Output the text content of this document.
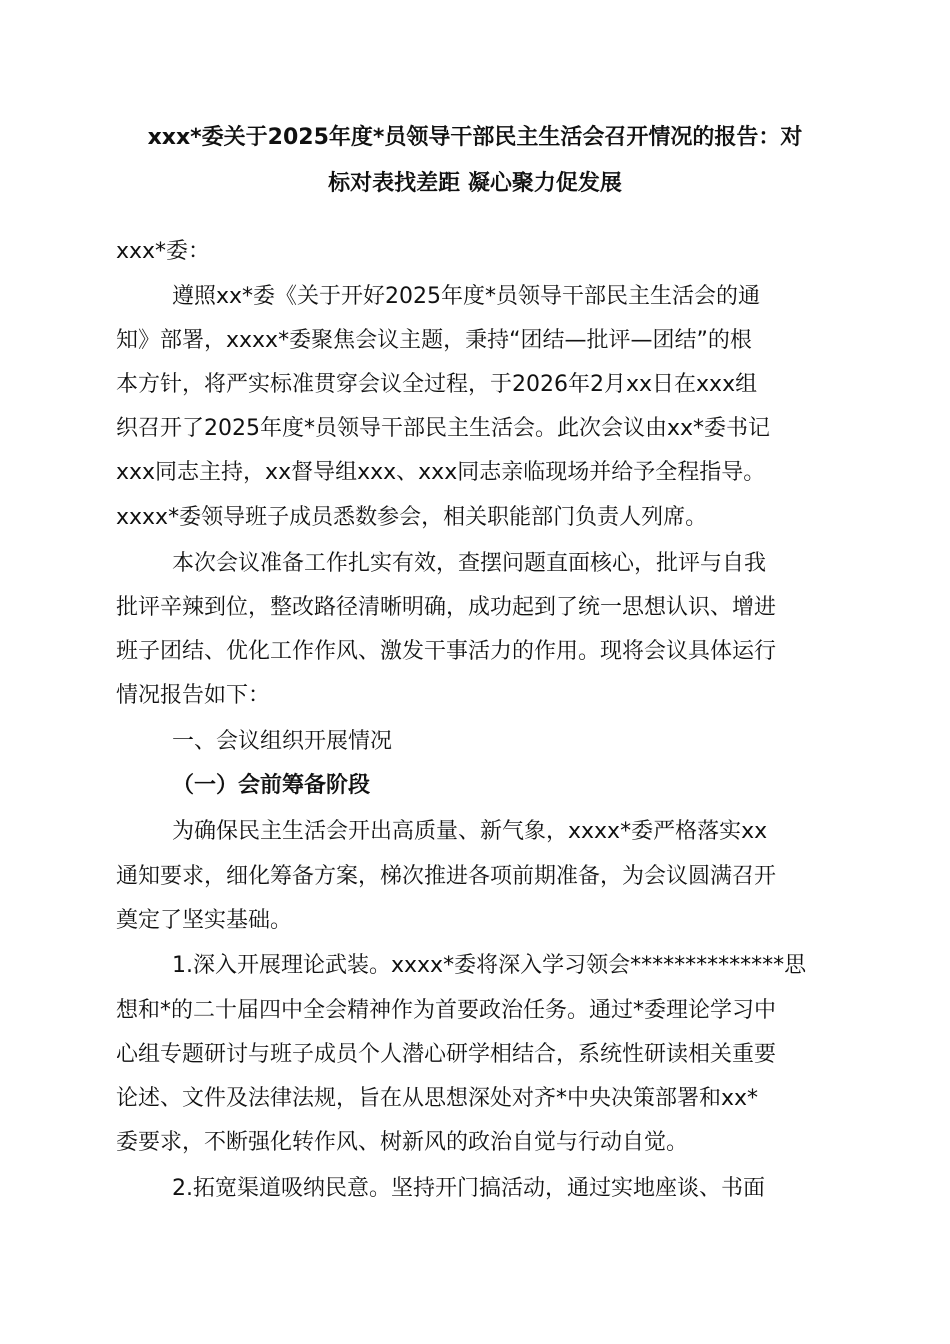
xxx*委关于2025年度*员领导干部民主生活会召开情况的报告：对
标对表找差距 凝心聚力促发展
xxx*委：
遵照xx*委《关于开好2025年度*员领导干部民主生活会的通
知》部署，xxxx*委聚焦会议主题，秉持“团结—批评—团结”的根
本方针，将严实标准贯穿会议全过程，于2026年2月xx日在xxx组
织召开了2025年度*员领导干部民主生活会。此次会议由xx*委书记
xxx同志主持，xx督导组xxx、xxx同志亲临现场并给予全程指导。
xxxx*委领导班子成员悉数参会，相关职能部门负责人列席。
本次会议准备工作扎实有效，查摆问题直面核心，批评与自我
批评辛辣到位，整改路径清晰明确，成功起到了统一思想认识、增进
班子团结、优化工作作风、激发干事活力的作用。现将会议具体运行
情况报告如下：
一、会议组织开展情况
（一）会前筹备阶段
为确保民主生活会开出高质量、新气象，xxxx*委严格落实xx
通知要求，细化筹备方案，梯次推进各项前期准备，为会议圆满召开
奠定了坚实基础。
1.深入开展理论武装。xxxx*委将深入学习领会**************思
想和*的二十届四中全会精神作为首要政治任务。通过*委理论学习中
心组专题研讨与班子成员个人潜心研学相结合，系统性研读相关重要
论述、文件及法律法规，旨在从思想深处对齐*中央决策部署和xx*
委要求，不断强化转作风、树新风的政治自觉与行动自觉。
2.拓宽渠道吸纳民意。坚持开门搞活动，通过实地座谈、书面
